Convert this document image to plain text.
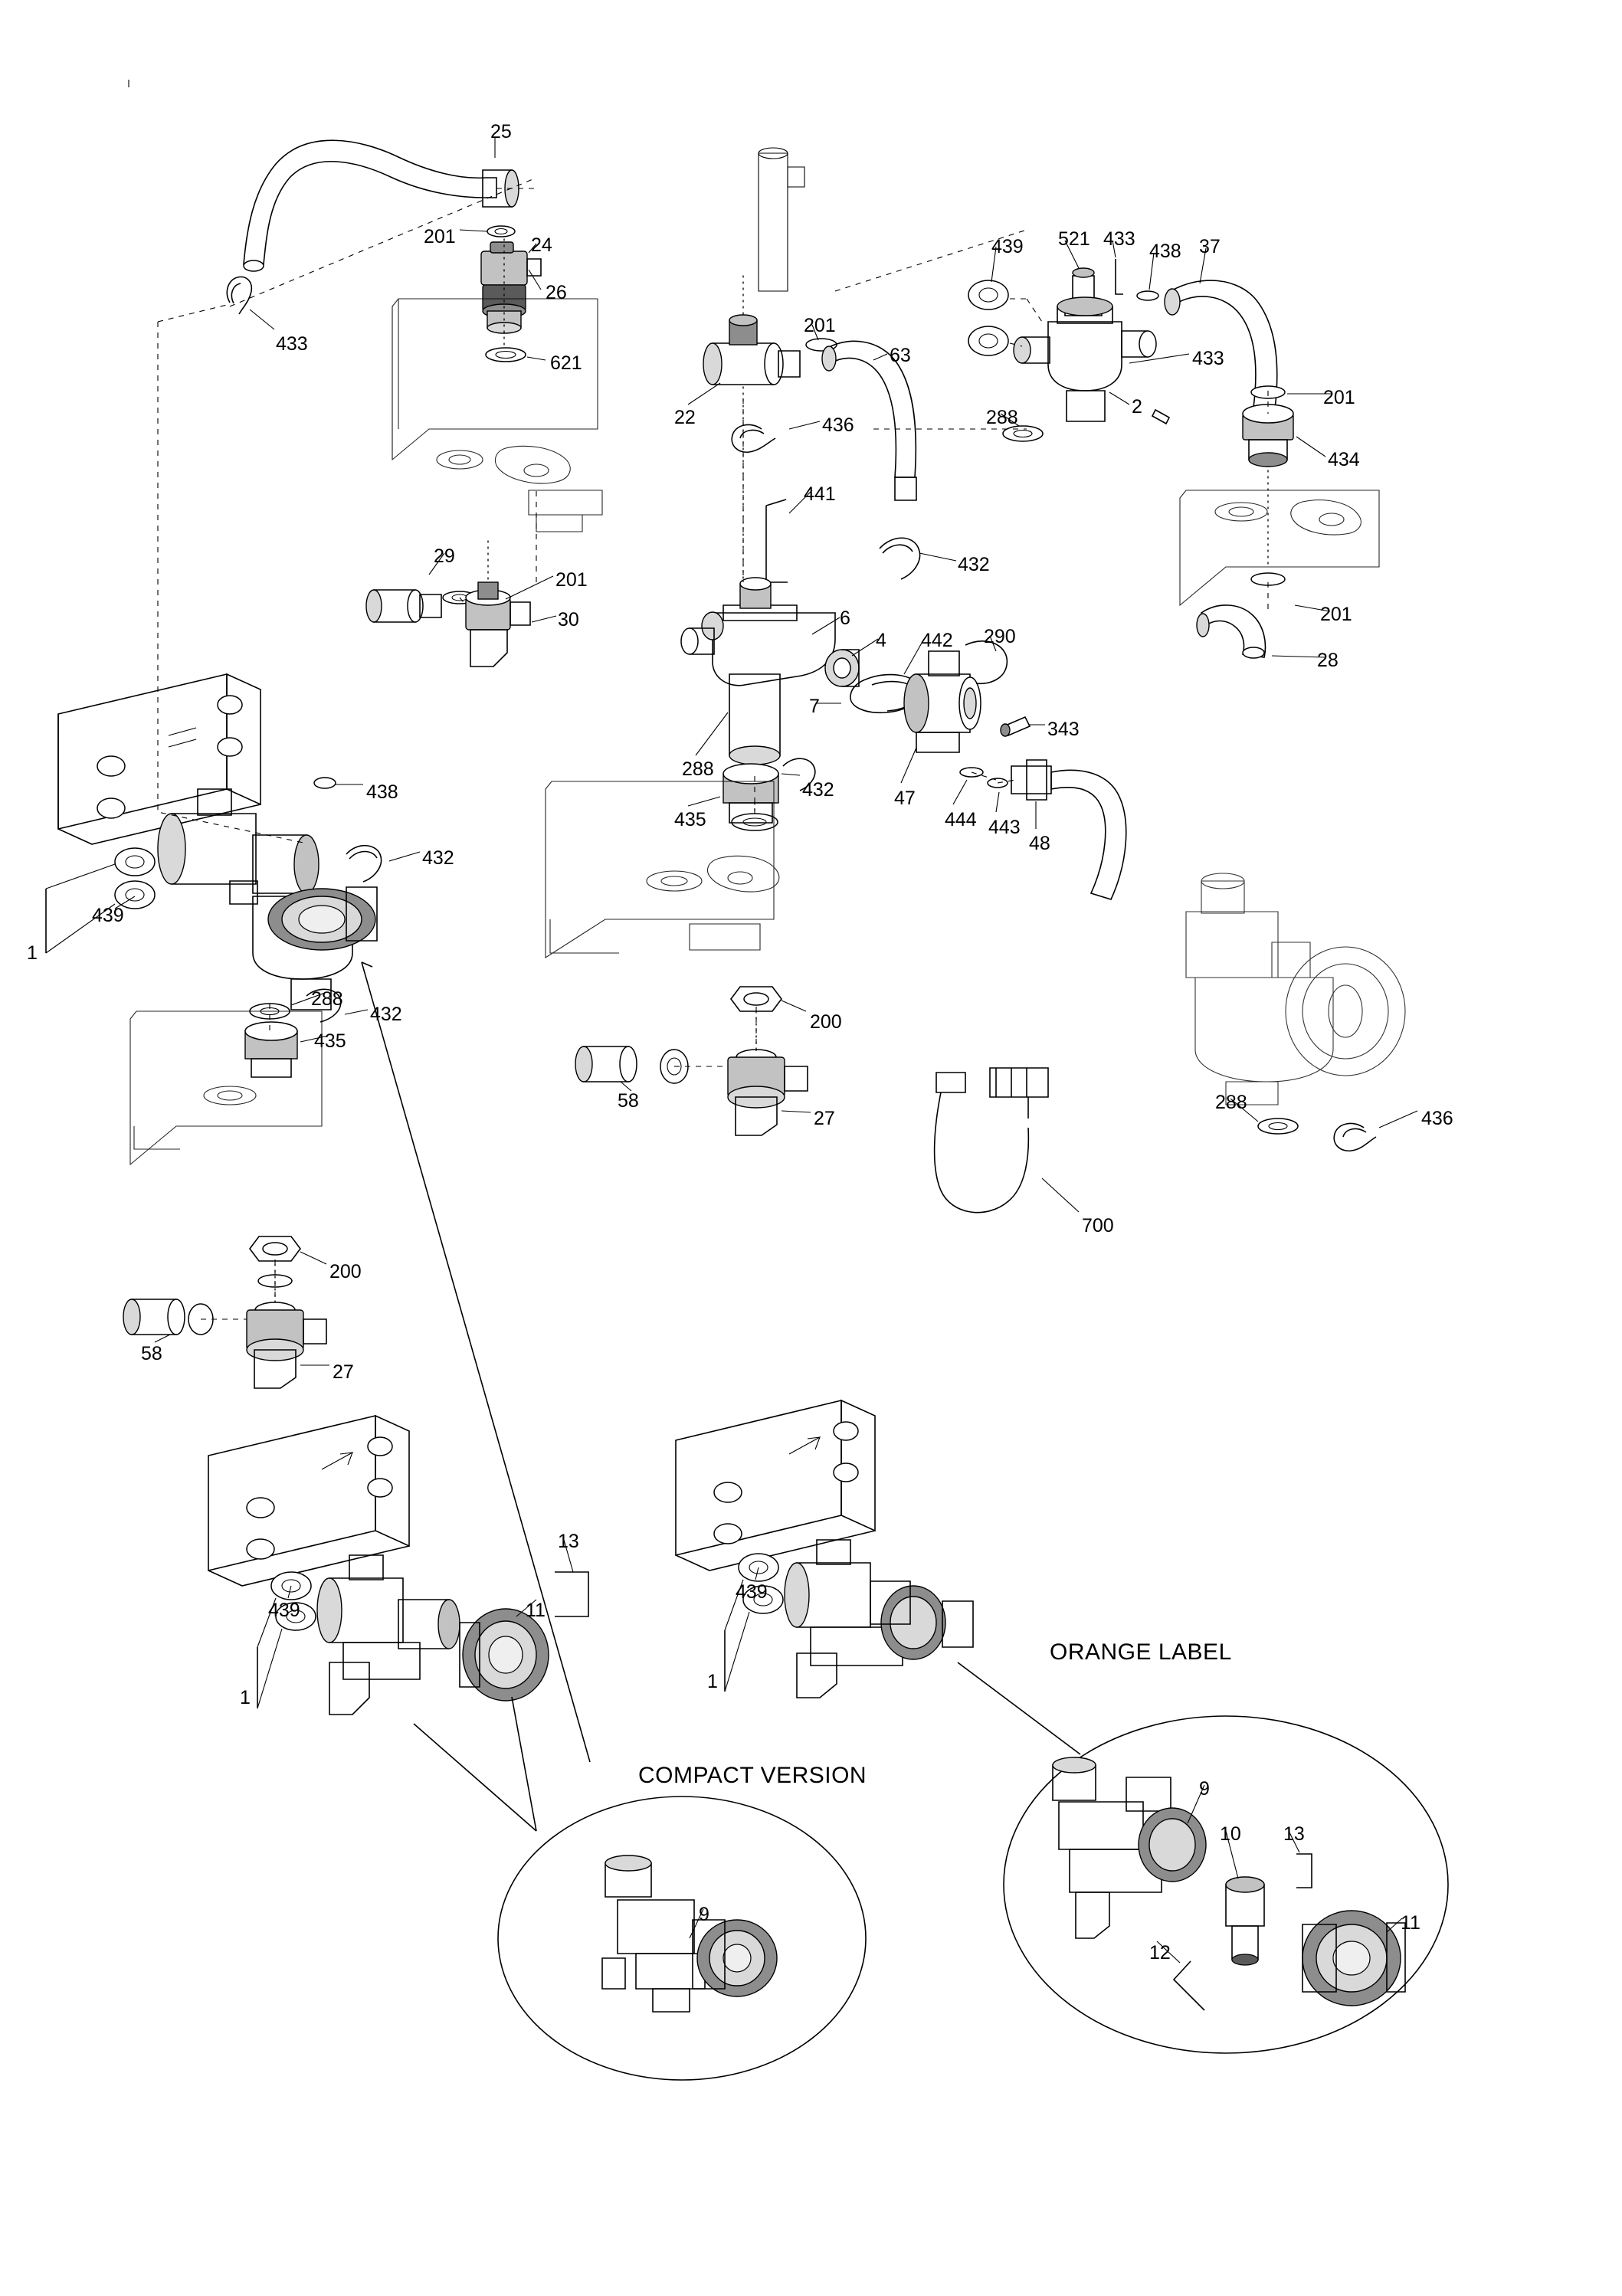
25
201	24
26
433
621
439 521 433
438 37
433
201
63
22	436	288	2	201
434
441
432
29
201
30	201
28
6
4 442 290
343
7
47
444 443
48
288
432
435
438
432
439
1
288
432
435
200
58
27
288
436
200
58
27
700
13
11
439
1
439
1
9
10 13
12
11
9
ORANGE LABEL
COMPACT VERSION
